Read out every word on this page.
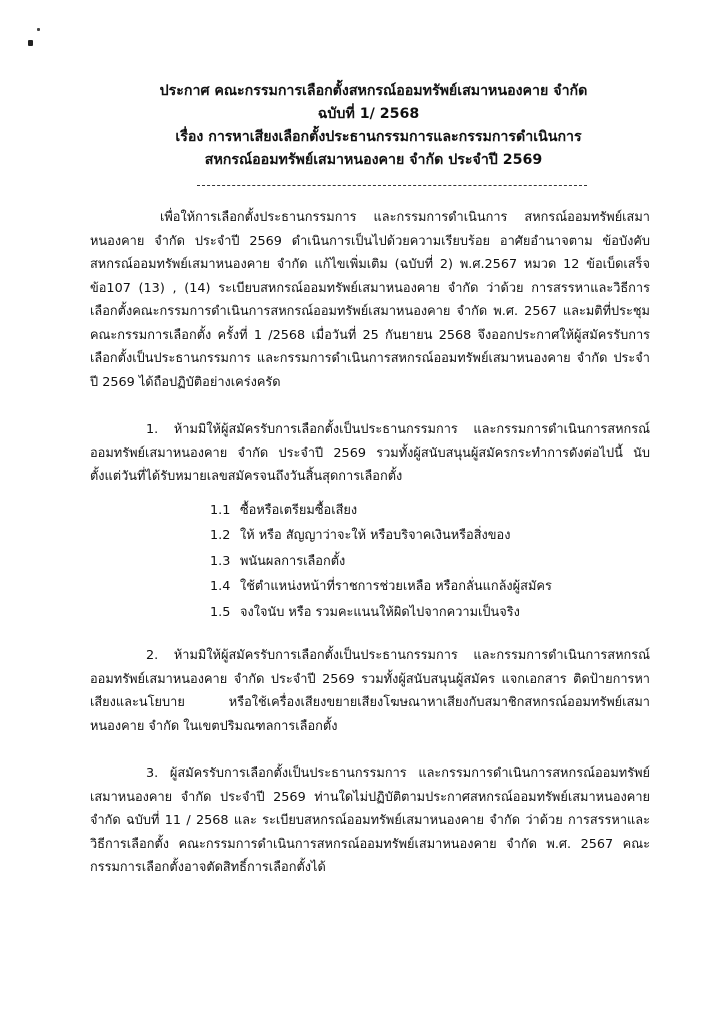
ประกาศ คณะกรรมการเลือกตั้งสหกรณ์ออมทรัพย์เสมาหนองคาย จำกัด
ฉบับที่ 1/ 2568
เรื่อง การหาเสียงเลือกตั้งประธานกรรมการและกรรมการดำเนินการ
สหกรณ์ออมทรัพย์เสมาหนองคาย จำกัด ประจำปี 2569

เพื่อให้การเลือกตั้งประธานกรรมการ และกรรมการดำเนินการ สหกรณ์ออมทรัพย์เสมาหนองคาย จำกัด ประจำปี 2569 ดำเนินการเป็นไปด้วยความเรียบร้อย อาศัยอำนาจตาม ข้อบังคับสหกรณ์ออมทรัพย์เสมาหนองคาย จำกัด แก้ไขเพิ่มเติม (ฉบับที่ 2) พ.ศ.2567 หมวด 12 ข้อเบ็ดเสร็จ ข้อ107 (13) , (14) ระเบียบสหกรณ์ออมทรัพย์เสมาหนองคาย จำกัด ว่าด้วย การสรรหาและวิธีการเลือกตั้งคณะกรรมการดำเนินการสหกรณ์ออมทรัพย์เสมาหนองคาย จำกัด พ.ศ. 2567 และมติที่ประชุมคณะกรรมการเลือกตั้ง ครั้งที่ 1 /2568 เมื่อวันที่ 25 กันยายน 2568 จึงออกประกาศให้ผู้สมัครรับการเลือกตั้งเป็นประธานกรรมการ และกรรมการดำเนินการสหกรณ์ออมทรัพย์เสมาหนองคาย จำกัด ประจำปี 2569 ได้ถือปฏิบัติอย่างเคร่งครัด

1. ห้ามมิให้ผู้สมัครรับการเลือกตั้งเป็นประธานกรรมการ และกรรมการดำเนินการสหกรณ์ออมทรัพย์เสมาหนองคาย จำกัด ประจำปี 2569 รวมทั้งผู้สนับสนุนผู้สมัครกระทำการดังต่อไปนี้ นับตั้งแต่วันที่ได้รับหมายเลขสมัครจนถึงวันสิ้นสุดการเลือกตั้ง

1.1 ซื้อหรือเตรียมซื้อเสียง
1.2 ให้ หรือ สัญญาว่าจะให้ หรือบริจาคเงินหรือสิ่งของ
1.3 พนันผลการเลือกตั้ง
1.4 ใช้ตำแหน่งหน้าที่ราชการช่วยเหลือ หรือกลั่นแกล้งผู้สมัคร
1.5 จงใจนับ หรือ รวมคะแนนให้ผิดไปจากความเป็นจริง

2. ห้ามมิให้ผู้สมัครรับการเลือกตั้งเป็นประธานกรรมการ และกรรมการดำเนินการสหกรณ์ออมทรัพย์เสมาหนองคาย จำกัด ประจำปี 2569 รวมทั้งผู้สนับสนุนผู้สมัคร แจกเอกสาร ติดป้ายการหาเสียงและนโยบาย หรือใช้เครื่องเสียงขยายเสียงโฆษณาหาเสียงกับสมาชิกสหกรณ์ออมทรัพย์เสมาหนองคาย จำกัด ในเขตปริมณฑลการเลือกตั้ง

3. ผู้สมัครรับการเลือกตั้งเป็นประธานกรรมการ และกรรมการดำเนินการสหกรณ์ออมทรัพย์เสมาหนองคาย จำกัด ประจำปี 2569 ท่านใดไม่ปฏิบัติตามประกาศสหกรณ์ออมทรัพย์เสมาหนองคาย จำกัด ฉบับที่ 11 / 2568 และ ระเบียบสหกรณ์ออมทรัพย์เสมาหนองคาย จำกัด ว่าด้วย การสรรหาและวิธีการเลือกตั้ง คณะกรรมการดำเนินการสหกรณ์ออมทรัพย์เสมาหนองคาย จำกัด พ.ศ. 2567 คณะกรรมการเลือกตั้งอาจตัดสิทธิ์การเลือกตั้งได้
